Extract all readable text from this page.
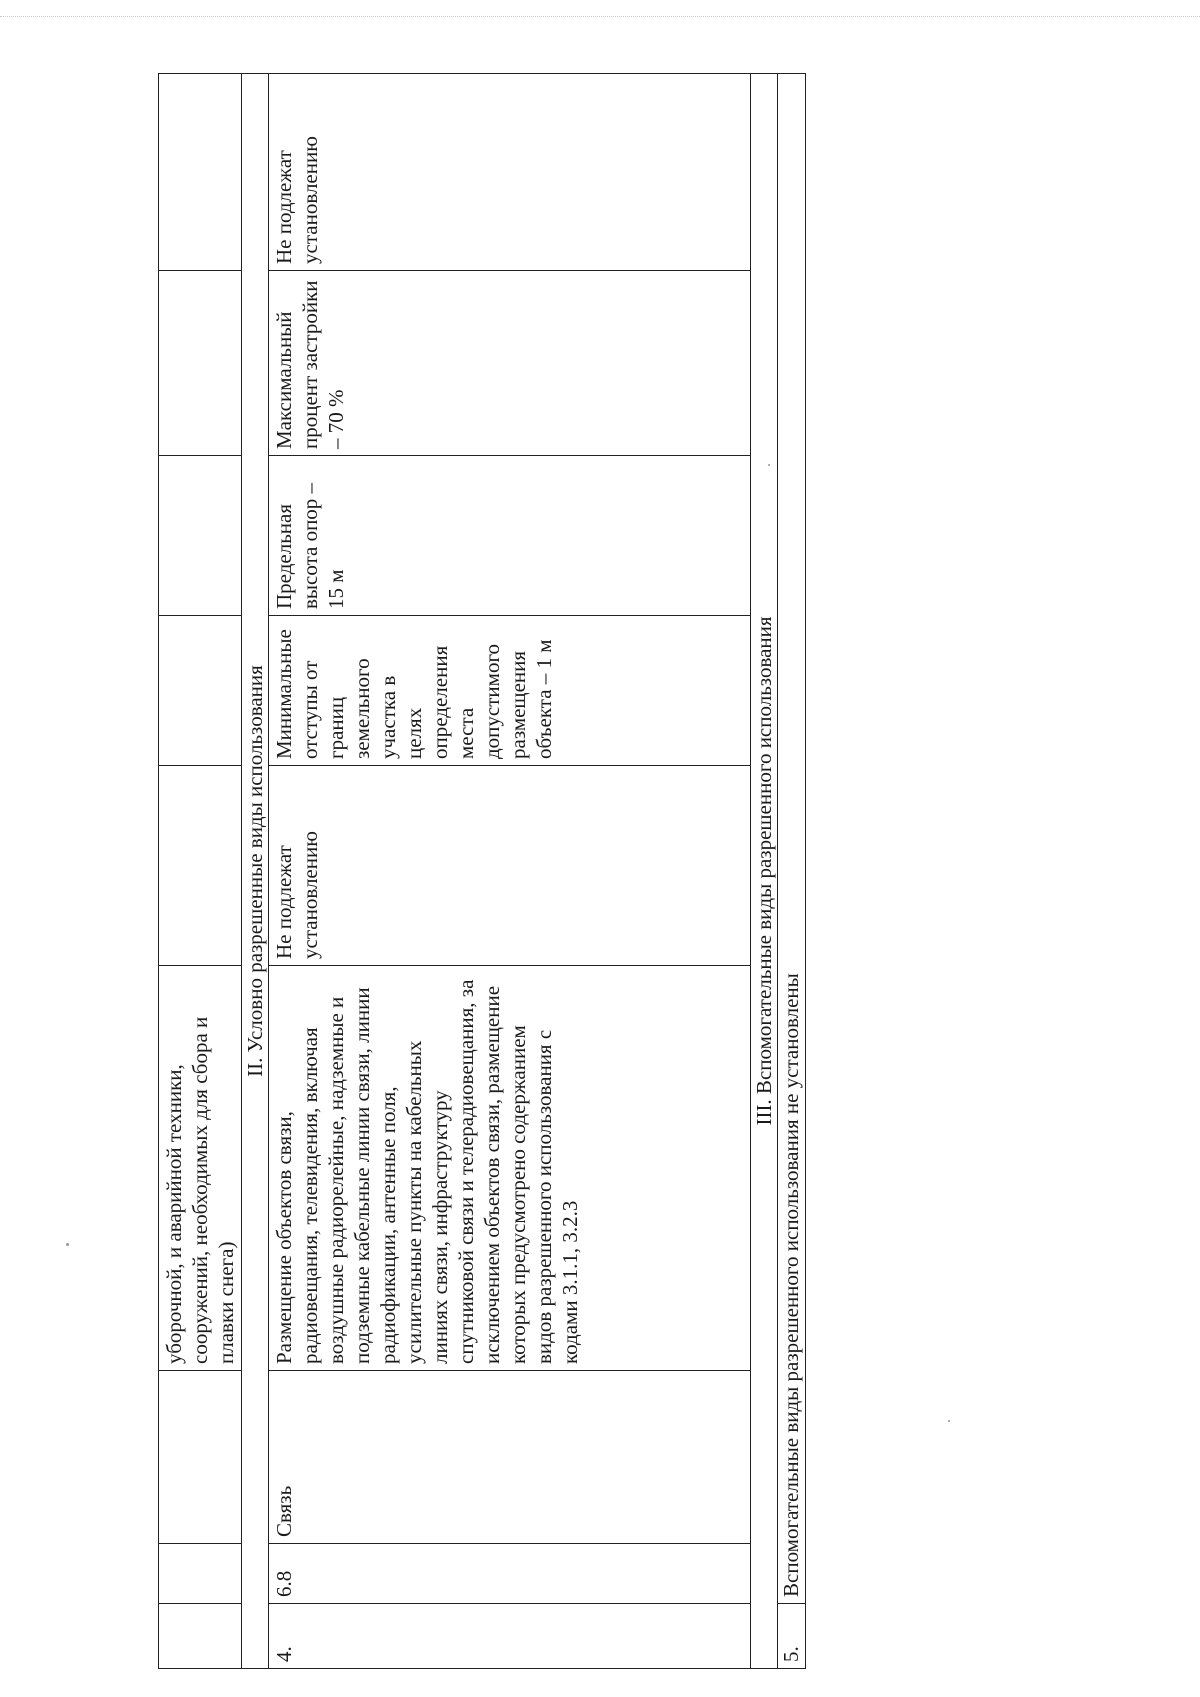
			уборочной, и аварийной техники, сооружений, необходимых для сбора и плавки снега)					
II. Условно разрешенные виды использования								
4.	6.8	Связь	Размещение объектов связи, радиовещания, телевидения, включая воздушные радиорелейные, надземные и подземные кабельные линии связи, линии радиофикации, антенные поля, усилительные пункты на кабельных линиях связи, инфраструктуру спутниковой связи и телерадиовещания, за исключением объектов связи, размещение которых предусмотрено содержанием видов разрешенного использования с кодами 3.1.1, 3.2.3	Не подлежат установлению	Минимальные отступы от границ земельного участка в целях определения места допустимого размещения объекта – 1 м	Предельная высота опор – 15 м	Максимальный процент застройки – 70 %	Не подлежат установлению
III. Вспомогательные виды разрешенного использования								
5.	Вспомогательные виды разрешенного использования не установлены							
